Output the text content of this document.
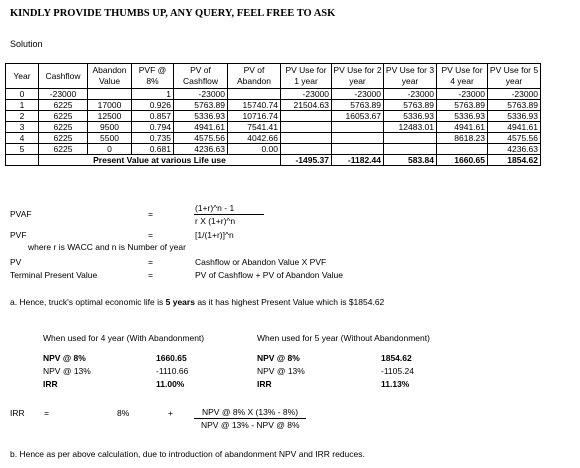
KINDLY PROVIDE THUMBS UP, ANY QUERY, FEEL FREE TO ASK
Solution
Year	Cashflow	Abandon Value	PVF @ 8%	PV of Cashflow	PV of Abandon	PV Use for 1 year	PV Use for 2 year	PV Use for 3 year	PV Use for 4 year	PV Use for 5 year
0	-23000		1	-23000		-23000	-23000	-23000	-23000	-23000
1	6225	17000	0.926	5763.89	15740.74	21504.63	5763.89	5763.89	5763.89	5763.89
2	6225	12500	0.857	5336.93	10716.74		16053.67	5336.93	5336.93	5336.93
3	6225	9500	0.794	4941.61	7541.41			12483.01	4941.61	4941.61
4	6225	5500	0.735	4575.56	4042.66				8618.23	4575.56
5	6225	0	0.681	4236.63	0.00					4236.63
	Present Value at various Life use					-1495.37	-1182.44	583.84	1660.65	1854.62
PVAF	=
(1+r)^n - 1
r X (1+r)^n
PVF	=	[1/(1+r)]^n
where r is WACC and n is Number of year
PV	=	Cashflow or Abandon Value X PVF
Terminal Present Value	=	PV of Cashflow + PV of Abandon Value
a. Hence, truck's optimal economic life is 5 years as it has highest Present Value which is $1854.62
When used for 4 year (With Abandonment)	When used for 5 year (Without Abandonment)
NPV @ 8%	1660.65
NPV @ 13%	-1110.66
IRR	11.00%
NPV @ 8%	1854.62
NPV @ 13%	-1105.24
IRR	11.13%
IRR =	8%	+	NPV @ 8% X (13% - 8%)
NPV @ 13% - NPV @ 8%
b. Hence as per above calculation, due to introduction of abandonment NPV and IRR reduces.
